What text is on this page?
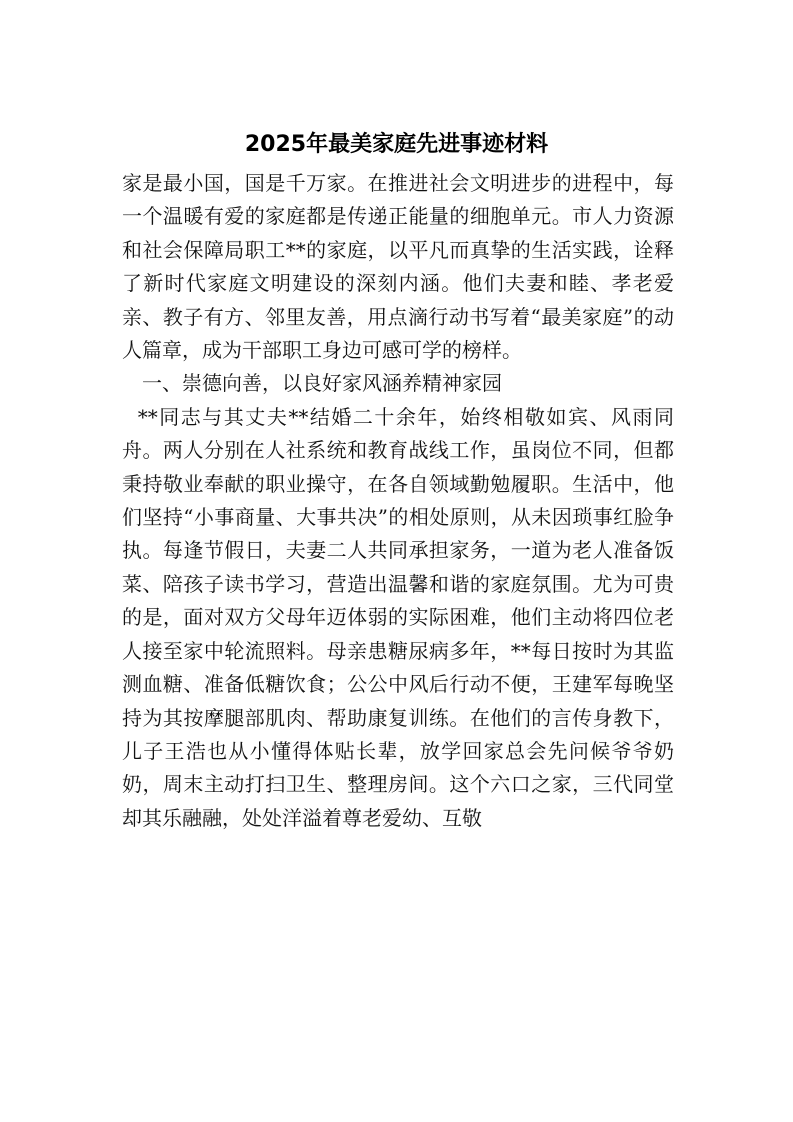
2025年最美家庭先进事迹材料

家是最小国，国是千万家。在推进社会文明进步的进程中，每一个温暖有爱的家庭都是传递正能量的细胞单元。市人力资源和社会保障局职工**的家庭，以平凡而真挚的生活实践，诠释了新时代家庭文明建设的深刻内涵。他们夫妻和睦、孝老爱亲、教子有方、邻里友善，用点滴行动书写着“最美家庭”的动人篇章，成为干部职工身边可感可学的榜样。

　一、崇德向善，以良好家风涵养精神家园

**同志与其丈夫**结婚二十余年，始终相敬如宾、风雨同舟。两人分别在人社系统和教育战线工作，虽岗位不同，但都秉持敬业奉献的职业操守，在各自领域勤勉履职。生活中，他们坚持“小事商量、大事共决”的相处原则，从未因琐事红脸争执。每逢节假日，夫妻二人共同承担家务，一道为老人准备饭菜、陪孩子读书学习，营造出温馨和谐的家庭氛围。尤为可贵的是，面对双方父母年迈体弱的实际困难，他们主动将四位老人接至家中轮流照料。母亲患糖尿病多年，**每日按时为其监测血糖、准备低糖饮食；公公中风后行动不便，王建军每晚坚持为其按摩腿部肌肉、帮助康复训练。在他们的言传身教下，儿子王浩也从小懂得体贴长辈，放学回家总会先问候爷爷奶奶，周末主动打扫卫生、整理房间。这个六口之家，三代同堂却其乐融融，处处洋溢着尊老爱幼、互敬
